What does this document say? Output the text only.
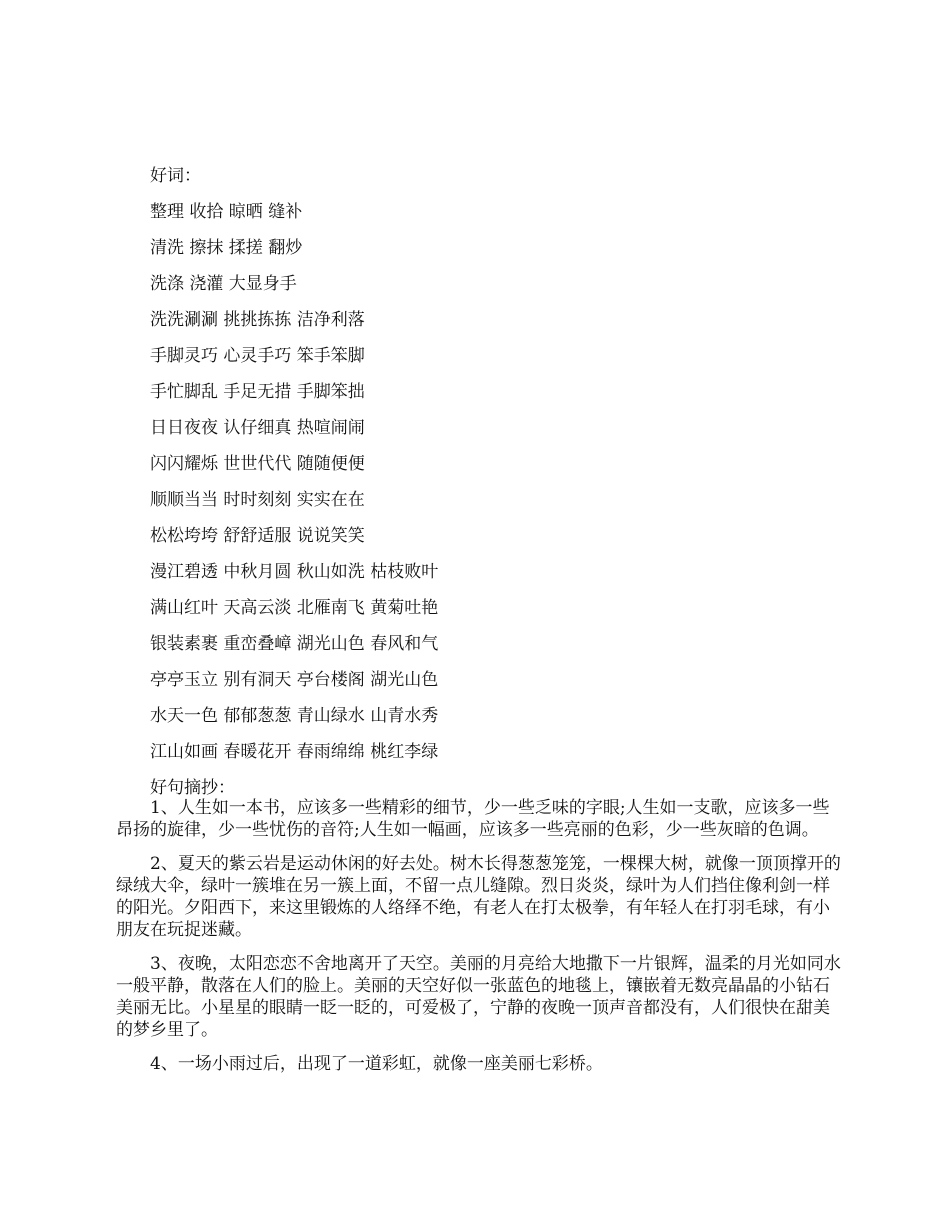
好词：
整理 收拾 晾晒 缝补
清洗 擦抹 揉搓 翻炒
洗涤 浇灌 大显身手
洗洗涮涮 挑挑拣拣 洁净利落
手脚灵巧 心灵手巧 笨手笨脚
手忙脚乱 手足无措 手脚笨拙
日日夜夜 认仔细真 热喧闹闹
闪闪耀烁 世世代代 随随便便
顺顺当当 时时刻刻 实实在在
松松垮垮 舒舒适服 说说笑笑
漫江碧透 中秋月圆 秋山如洗 枯枝败叶
满山红叶 天高云淡 北雁南飞 黄菊吐艳
银装素裹 重峦叠嶂 湖光山色 春风和气
亭亭玉立 别有洞天 亭台楼阁 湖光山色
水天一色 郁郁葱葱 青山绿水 山青水秀
江山如画 春暖花开 春雨绵绵 桃红李绿
好句摘抄：

1、人生如一本书，应该多一些精彩的细节，少一些乏味的字眼;人生如一支歌，应该多一些昂扬的旋律，少一些忧伤的音符;人生如一幅画，应该多一些亮丽的色彩，少一些灰暗的色调。

2、夏天的紫云岩是运动休闲的好去处。树木长得葱葱笼笼，一棵棵大树，就像一顶顶撑开的绿绒大伞，绿叶一簇堆在另一簇上面，不留一点儿缝隙。烈日炎炎，绿叶为人们挡住像利剑一样的阳光。夕阳西下，来这里锻炼的人络绎不绝，有老人在打太极拳，有年轻人在打羽毛球，有小朋友在玩捉迷藏。

3、夜晚，太阳恋恋不舍地离开了天空。美丽的月亮给大地撒下一片银辉，温柔的月光如同水一般平静，散落在人们的脸上。美丽的天空好似一张蓝色的地毯上，镶嵌着无数亮晶晶的小钻石美丽无比。小星星的眼睛一眨一眨的，可爱极了，宁静的夜晚一顶声音都没有，人们很快在甜美的梦乡里了。

4、一场小雨过后，出现了一道彩虹，就像一座美丽七彩桥。
